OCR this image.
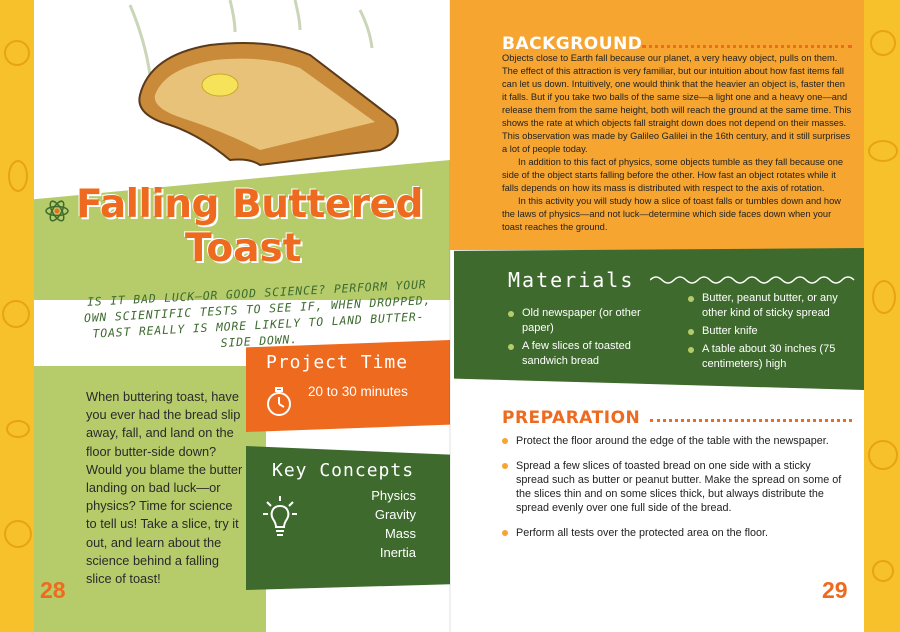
Falling Buttered
Toast
IS IT BAD LUCK—OR GOOD SCIENCE? PERFORM YOUR OWN SCIENTIFIC TESTS TO SEE IF, WHEN DROPPED, TOAST REALLY IS MORE LIKELY TO LAND BUTTER-SIDE DOWN.
When buttering toast, have you ever had the bread slip away, fall, and land on the floor butter-side down? Would you blame the butter landing on bad luck—or physics? Time for science to tell us! Take a slice, try it out, and learn about the science behind a falling slice of toast!
28
Project Time
20 to 30 minutes
Key Concepts
Physics
Gravity
Mass
Inertia
BACKGROUND

Objects close to Earth fall because our planet, a very heavy object, pulls on them. The effect of this attraction is very familiar, but our intuition about how fast items fall can let us down. Intuitively, one would think that the heavier an object is, faster then it falls. But if you take two balls of the same size—a light one and a heavy one—and release them from the same height, both will reach the ground at the same time. This shows the rate at which objects fall straight down does not depend on their masses. This observation was made by Galileo Galilei in the 16th century, and it still surprises a lot of people today.

In addition to this fact of physics, some objects tumble as they fall because one side of the object starts falling before the other. How fast an object rotates while it falls depends on how its mass is distributed with respect to the axis of rotation.

In this activity you will study how a slice of toast falls or tumbles down and how the laws of physics—and not luck—determine which side faces down when your toast reaches the ground.

Materials
Old newspaper (or other paper)
A few slices of toasted sandwich bread
Butter, peanut butter, or any other kind of sticky spread
Butter knife
A table about 30 inches (75 centimeters) high
PREPARATION
Protect the floor around the edge of the table with the newspaper.
Spread a few slices of toasted bread on one side with a sticky spread such as butter or peanut butter. Make the spread on some of the slices thin and on some slices thick, but always distribute the spread evenly over one full side of the bread.
Perform all tests over the protected area on the floor.
29
